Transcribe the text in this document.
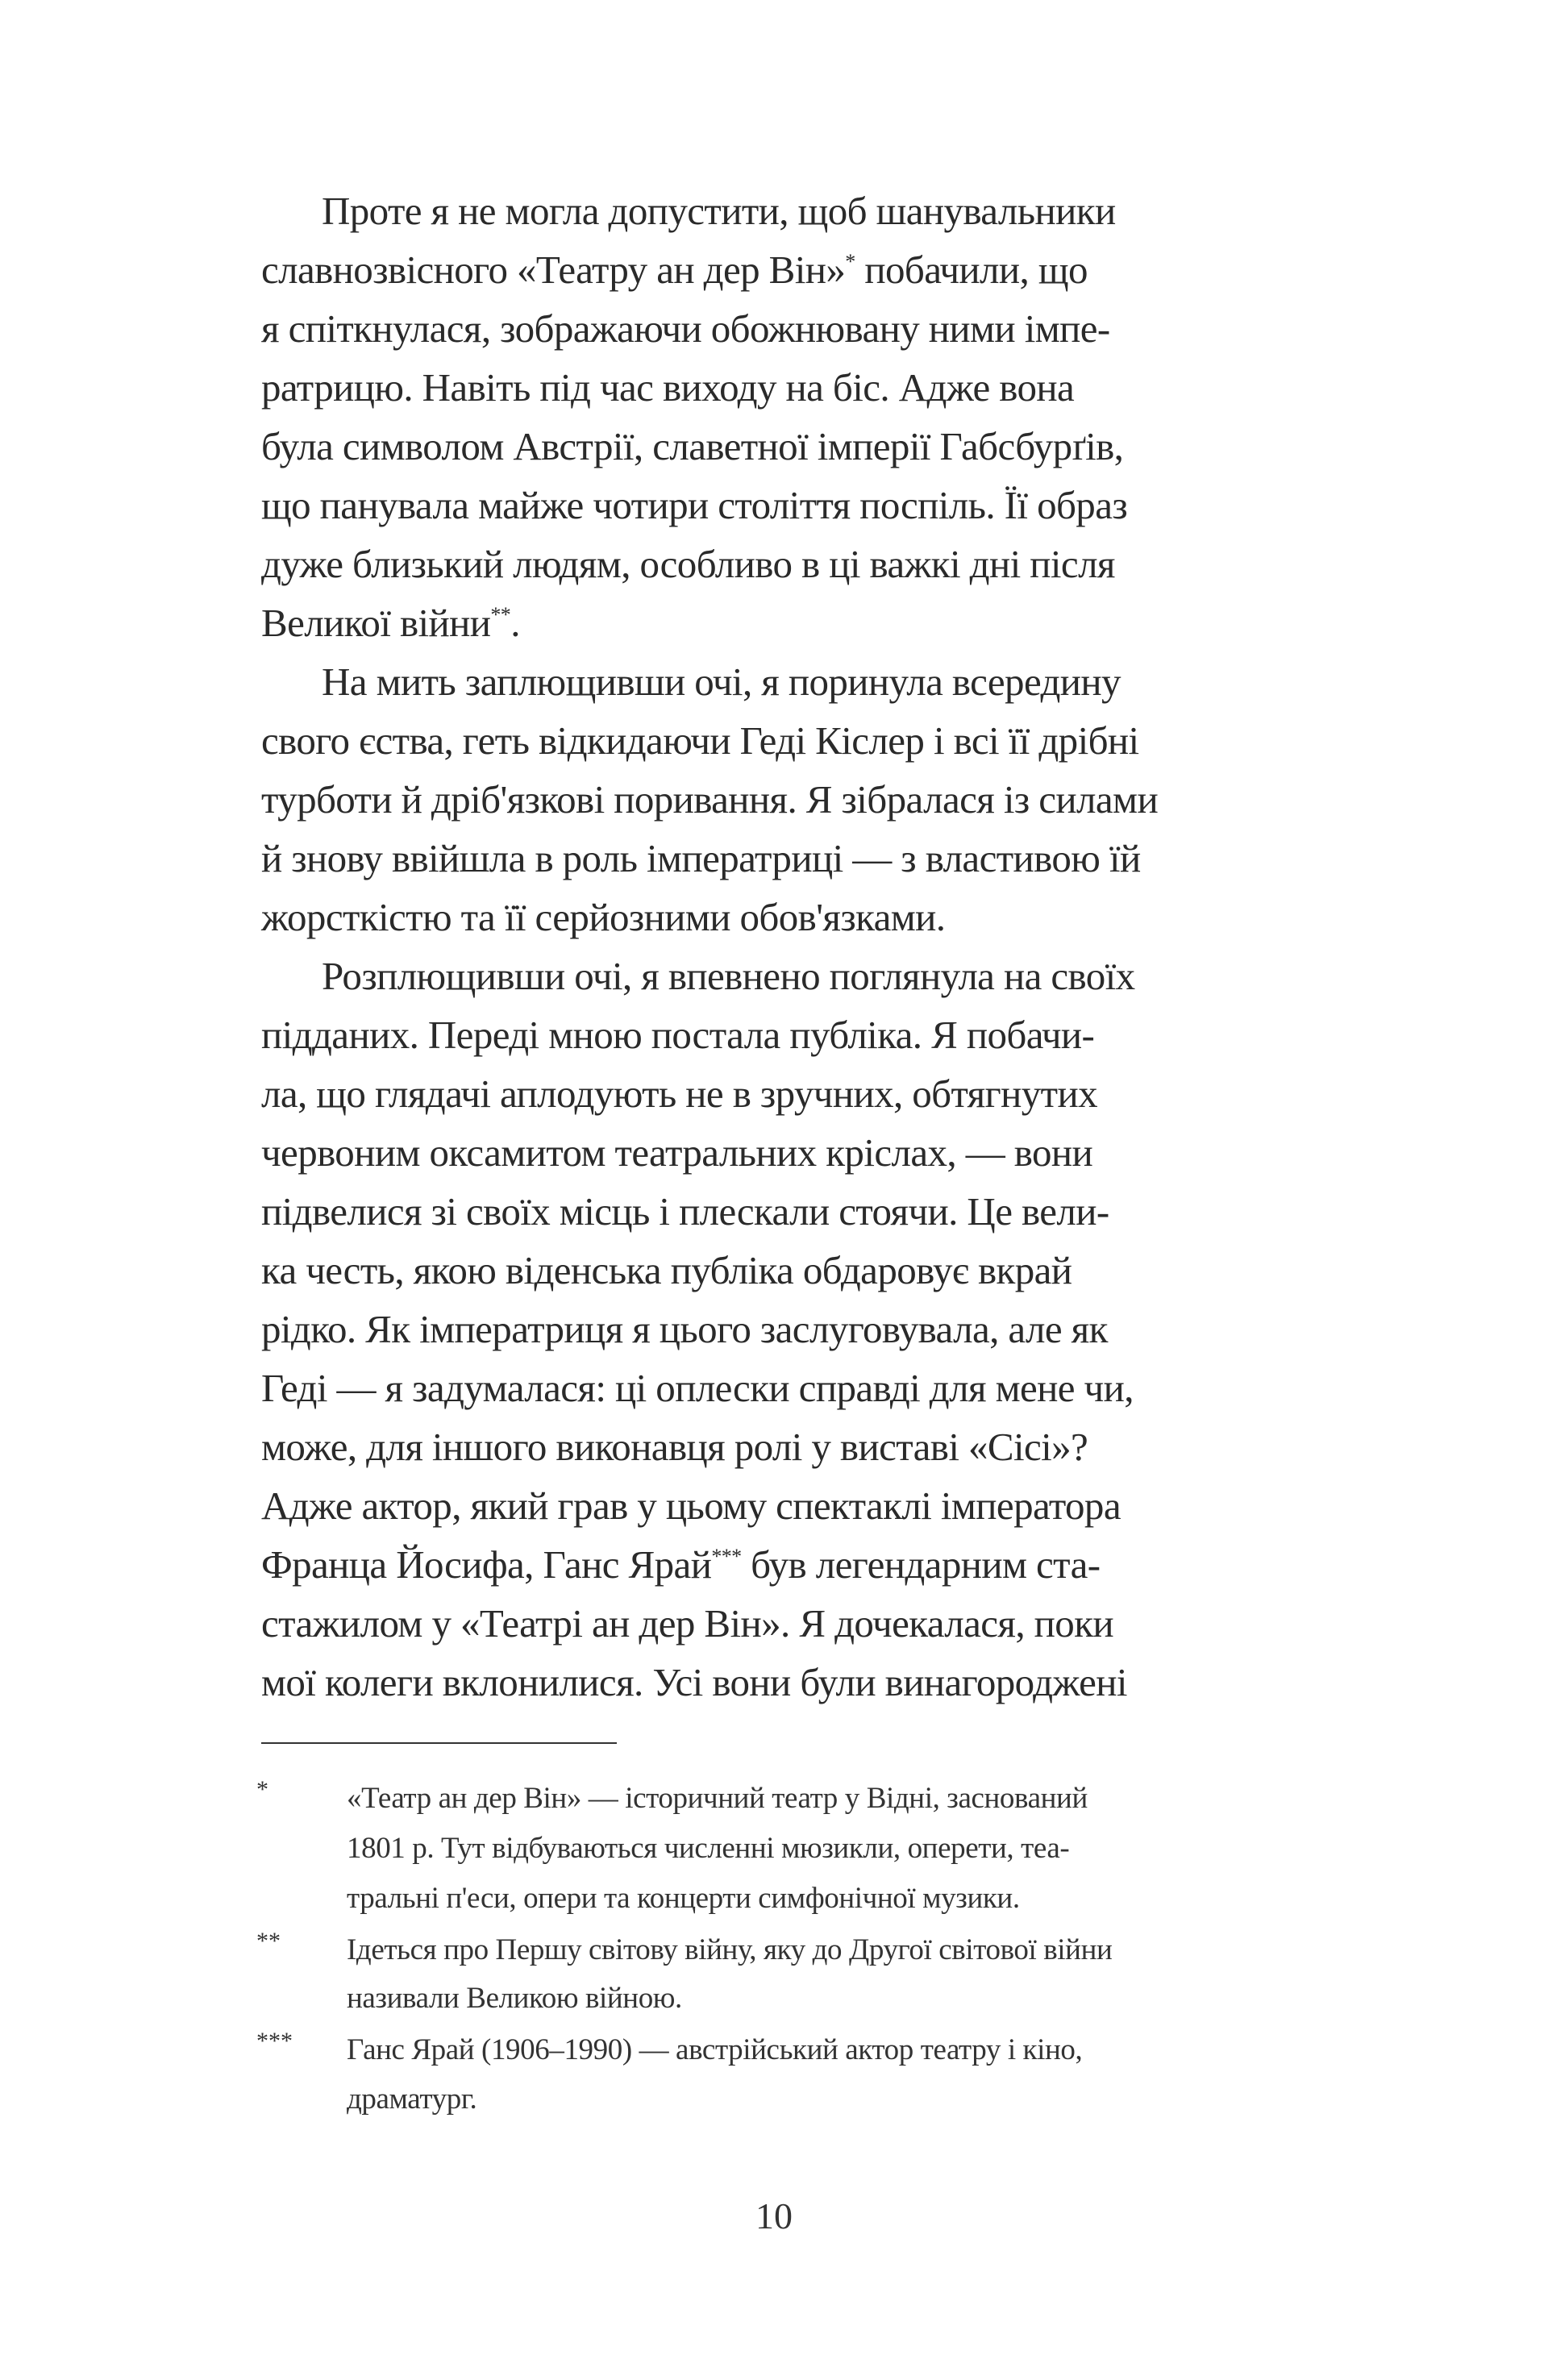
Проте я не могла допустити, щоб шанувальники
славнозвісного «Театру ан дер Він»* побачили, що
я спіткнулася, зображаючи обожнювану ними імпе-
ратрицю. Навіть під час виходу на біс. Адже вона
була символом Австрії, славетної імперії Габсбурґів,
що панувала майже чотири століття поспіль. Її образ
дуже близький людям, особливо в ці важкі дні після
Великої війни**.
На мить заплющивши очі, я поринула всередину
свого єства, геть відкидаючи Геді Кіслер і всі її дрібні
турботи й дріб'язкові поривання. Я зібралася із силами
й знову ввійшла в роль імператриці — з властивою їй
жорсткістю та її серйозними обов'язками.
Розплющивши очі, я впевнено поглянула на своїх
підданих. Переді мною постала публіка. Я побачи-
ла, що глядачі аплодують не в зручних, обтягнутих
червоним оксамитом театральних кріслах, — вони
підвелися зі своїх місць і плескали стоячи. Це вели-
ка честь, якою віденська публіка обдаровує вкрай
рідко. Як імператриця я цього заслуговувала, але як
Геді — я задумалася: ці оплески справді для мене чи,
може, для іншого виконавця ролі у виставі «Сісі»?
Адже актор, який грав у цьому спектаклі імператора
Франца Йосифа, Ганс Ярай*** був легендарним ста-
стажилом у «Театрі ан дер Він». Я дочекалася, поки
мої колеги вклонилися. Усі вони були винагороджені
*	«Театр ан дер Він» — історичний театр у Відні, заснований
1801 р. Тут відбуваються численні мюзикли, оперети, теа-
тральні п'еси, опери та концерти симфонічної музики.
** Ідеться про Першу світову війну, яку до Другої світової війни
називали Великою війною.
*** Ганс Ярай (1906–1990) — австрійський актор театру і кіно,
драматург.
10
